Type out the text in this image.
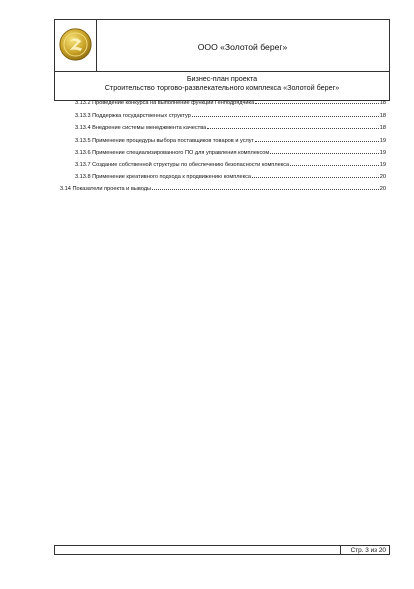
ООО «Золотой берег»
Бизнес-план проекта
Строительство торгово-развлекательного комплекса «Золотой берег»
3.13.2 Проведение конкурса на выполнение функций Генподрядчика	18
3.13.3 Поддержка государственных структур	18
3.13.4 Внедрение системы менеджмента качества	18
3.13.5 Применение процедуры выбора поставщиков товаров и услуг	19
3.13.6 Применение специализированного ПО для управления комплексом	19
3.13.7 Создание собственной структуры по обеспечению безопасности комплекса	19
3.13.8 Применение креативного подхода к продвижению комплекса	20
3.14 Показатели проекта и выводы	20
Стр. 3 из 20
